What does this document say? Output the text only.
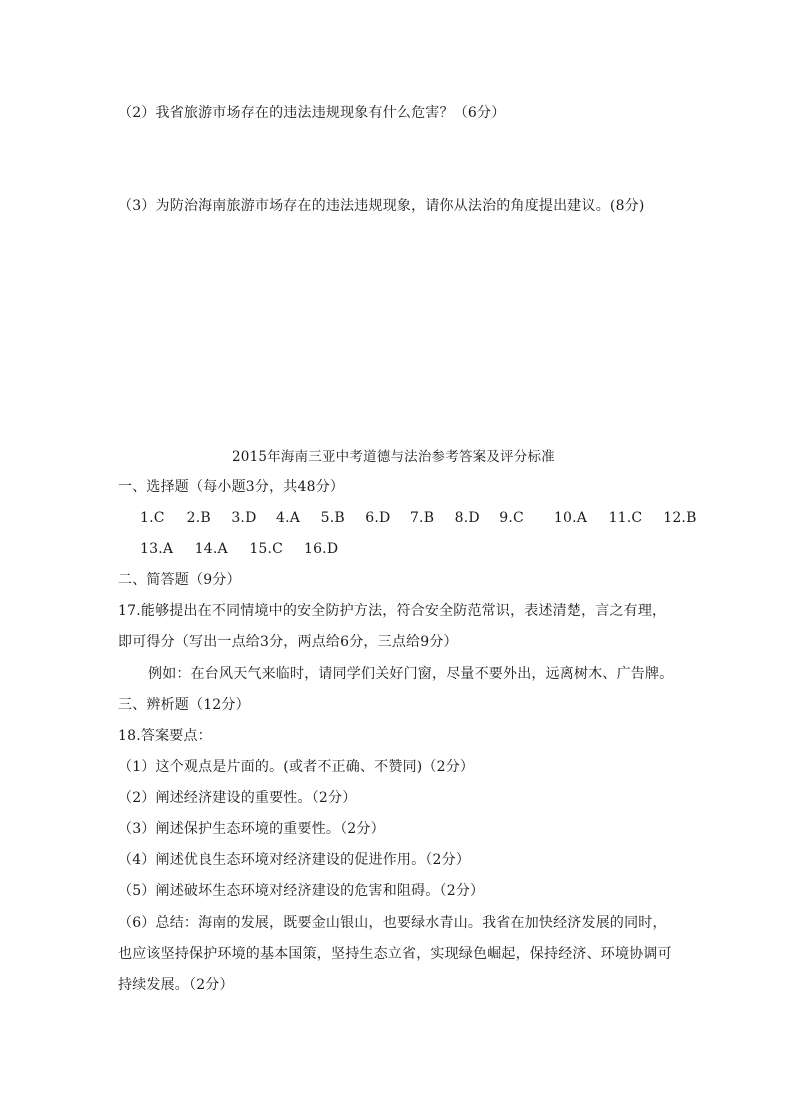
（2）我省旅游市场存在的违法违规现象有什么危害？（6分）
（3）为防治海南旅游市场存在的违法违规现象，请你从法治的角度提出建议。(8分)
2015年海南三亚中考道德与法治参考答案及评分标准
一、选择题（每小题3分，共48分）
1.C 2.B 3.D 4.A 5.B 6.D 7.B 8.D 9.C 10.A 11.C 12.B
13.A 14.A 15.C 16.D
二、简答题（9分）
17.能够提出在不同情境中的安全防护方法，符合安全防范常识，表述清楚，言之有理，
即可得分（写出一点给3分，两点给6分，三点给9分）
例如：在台风天气来临时，请同学们关好门窗，尽量不要外出，远离树木、广告牌。
三、辨析题（12分）
18.答案要点：
（1）这个观点是片面的。(或者不正确、不赞同)（2分）
（2）阐述经济建设的重要性。（2分）
（3）阐述保护生态环境的重要性。（2分）
（4）阐述优良生态环境对经济建设的促进作用。（2分）
（5）阐述破坏生态环境对经济建设的危害和阻碍。（2分）
（6）总结：海南的发展，既要金山银山，也要绿水青山。我省在加快经济发展的同时，
也应该坚持保护环境的基本国策，坚持生态立省，实现绿色崛起，保持经济、环境协调可
持续发展。（2分）
